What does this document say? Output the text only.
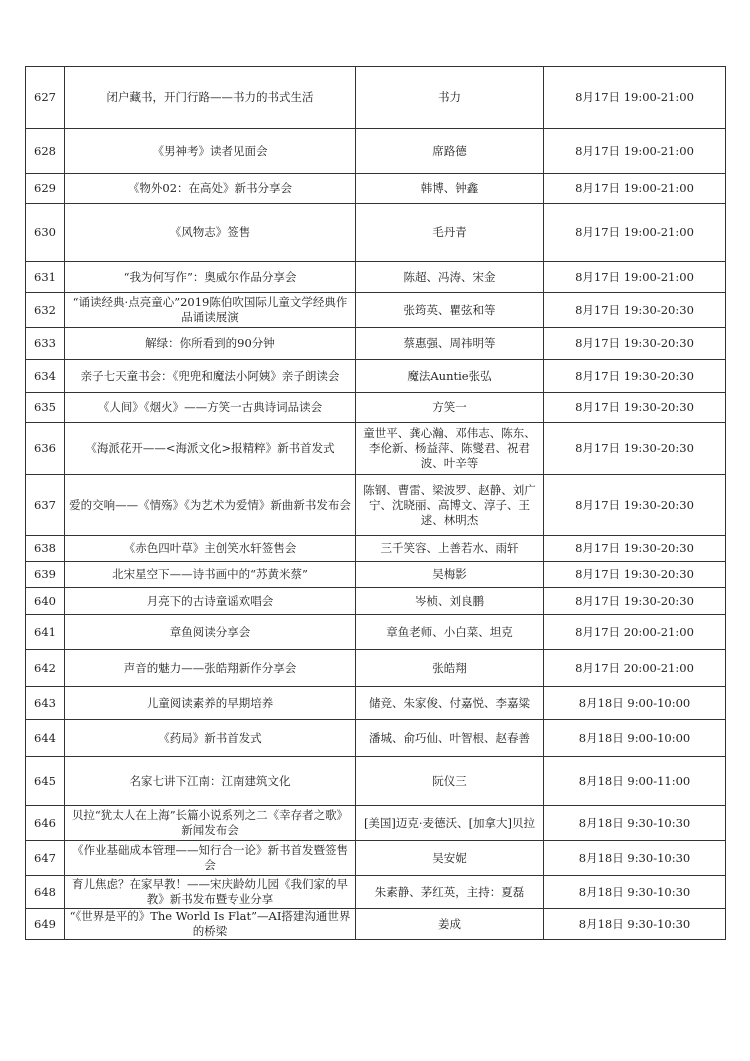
627	闭户藏书，开门行路——书力的书式生活	书力	8月17日 19:00-21:00
628	《男神考》读者见面会	席路德	8月17日 19:00-21:00
629	《物外02：在高处》新书分享会	韩博、钟鑫	8月17日 19:00-21:00
630	《风物志》签售	毛丹青	8月17日 19:00-21:00
631	“我为何写作”：奥威尔作品分享会	陈超、冯涛、宋金	8月17日 19:00-21:00
632	“诵读经典·点亮童心”2019陈伯吹国际儿童文学经典作品诵读展演	张筠英、瞿弦和等	8月17日 19:30-20:30
633	解绿：你所看到的90分钟	蔡惠强、周祎明等	8月17日 19:30-20:30
634	亲子七天童书会：《兜兜和魔法小阿姨》亲子朗读会	魔法Auntie张弘	8月17日 19:30-20:30
635	《人间》《烟火》——方笑一古典诗词品读会	方笑一	8月17日 19:30-20:30
636	《海派花开——<海派文化>报精粹》新书首发式	童世平、龚心瀚、邓伟志、陈东、李伦新、杨益萍、陈燮君、祝君波、叶辛等	8月17日 19:30-20:30
637	爱的交响——《情殇》《为艺术为爱情》新曲新书发布会	陈钢、曹雷、梁波罗、赵静、刘广宁、沈晓丽、高博文、淳子、王逑、林明杰	8月17日 19:30-20:30
638	《赤色四叶草》主创笑水轩签售会	三千笑容、上善若水、雨轩	8月17日 19:30-20:30
639	北宋星空下——诗书画中的“苏黄米蔡”	吴梅影	8月17日 19:30-20:30
640	月亮下的古诗童谣欢唱会	岑桢、刘良鹏	8月17日 19:30-20:30
641	章鱼阅读分享会	章鱼老师、小白菜、坦克	8月17日 20:00-21:00
642	声音的魅力——张皓翔新作分享会	张皓翔	8月17日 20:00-21:00
643	儿童阅读素养的早期培养	储竞、朱家俊、付嘉悦、李嘉粱	8月18日 9:00-10:00
644	《药局》新书首发式	潘城、俞巧仙、叶智根、赵春善	8月18日 9:00-10:00
645	名家七讲下江南：江南建筑文化	阮仪三	8月18日 9:00-11:00
646	贝拉“犹太人在上海”长篇小说系列之二《幸存者之歌》新闻发布会	[美国]迈克·麦德沃、[加拿大]贝拉	8月18日 9:30-10:30
647	《作业基础成本管理——知行合一论》新书首发暨签售会	吴安妮	8月18日 9:30-10:30
648	育儿焦虑？在家早教！——宋庆龄幼儿园《我们家的早教》新书发布暨专业分享	朱素静、茅红英，主持：夏磊	8月18日 9:30-10:30
649	“《世界是平的》The World Is Flat”—AI搭建沟通世界的桥梁	姜成	8月18日 9:30-10:30
